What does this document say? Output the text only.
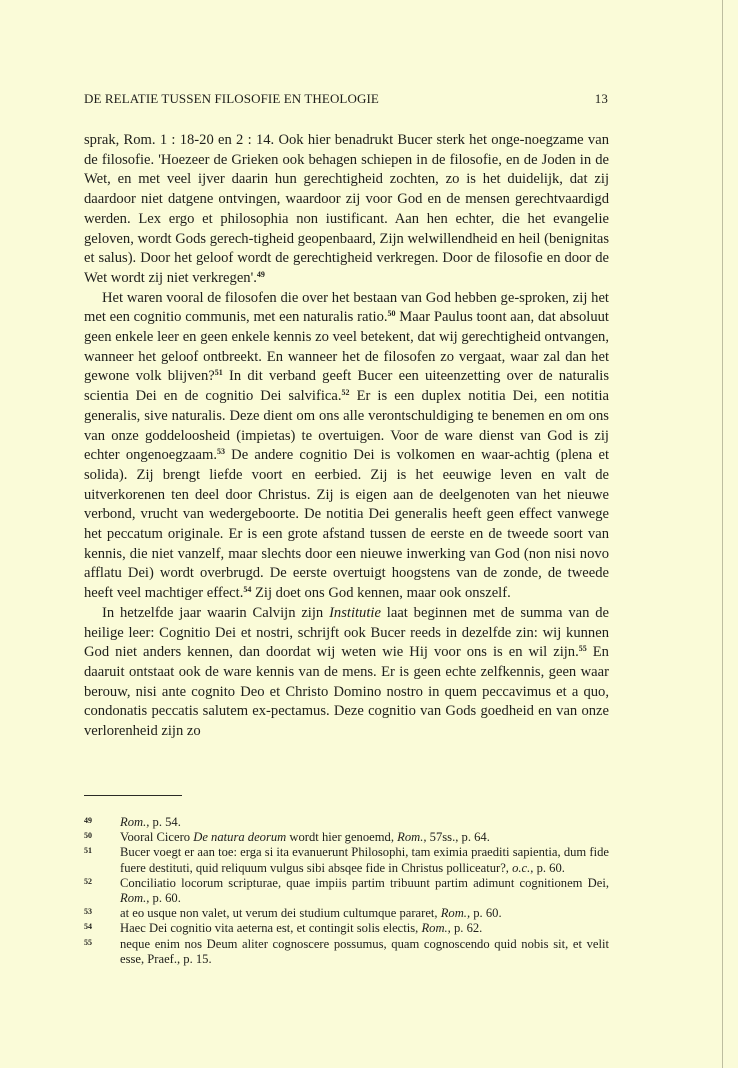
DE RELATIE TUSSEN FILOSOFIE EN THEOLOGIE	13

sprak, Rom. 1 : 18-20 en 2 : 14. Ook hier benadrukt Bucer sterk het onge-noegzame van de filosofie. 'Hoezeer de Grieken ook behagen schiepen in de filosofie, en de Joden in de Wet, en met veel ijver daarin hun gerechtigheid zochten, zo is het duidelijk, dat zij daardoor niet datgene ontvingen, waardoor zij voor God en de mensen gerechtvaardigd werden. Lex ergo et philosophia non iustificant. Aan hen echter, die het evangelie geloven, wordt Gods gerech-tigheid geopenbaard, Zijn welwillendheid en heil (benignitas et salus). Door het geloof wordt de gerechtigheid verkregen. Door de filosofie en door de Wet wordt zij niet verkregen'.$^{49}$

Het waren vooral de filosofen die over het bestaan van God hebben ge-sproken, zij het met een cognitio communis, met een naturalis ratio.$^{50}$ Maar Paulus toont aan, dat absoluut geen enkele leer en geen enkele kennis zo veel betekent, dat wij gerechtigheid ontvangen, wanneer het geloof ontbreekt. En wanneer het de filosofen zo vergaat, waar zal dan het gewone volk blijven?$^{51}$ In dit verband geeft Bucer een uiteenzetting over de naturalis scientia Dei en de cognitio Dei salvifica.$^{52}$ Er is een duplex notitia Dei, een notitia generalis, sive naturalis. Deze dient om ons alle verontschuldiging te benemen en om ons van onze goddeloosheid (impietas) te overtuigen. Voor de ware dienst van God is zij echter ongenoegzaam.$^{53}$ De andere cognitio Dei is volkomen en waar-achtig (plena et solida). Zij brengt liefde voort en eerbied. Zij is het eeuwige leven en valt de uitverkorenen ten deel door Christus. Zij is eigen aan de deelgenoten van het nieuwe verbond, vrucht van wedergeboorte. De notitia Dei generalis heeft geen effect vanwege het peccatum originale. Er is een grote afstand tussen de eerste en de tweede soort van kennis, die niet vanzelf, maar slechts door een nieuwe inwerking van God (non nisi novo afflatu Dei) wordt overbrugd. De eerste overtuigt hoogstens van de zonde, de tweede heeft veel machtiger effect.$^{54}$ Zij doet ons God kennen, maar ook onszelf.

In hetzelfde jaar waarin Calvijn zijn Institutie laat beginnen met de summa van de heilige leer: Cognitio Dei et nostri, schrijft ook Bucer reeds in dezelfde zin: wij kunnen God niet anders kennen, dan doordat wij weten wie Hij voor ons is en wil zijn.$^{55}$ En daaruit ontstaat ook de ware kennis van de mens. Er is geen echte zelfkennis, geen waar berouw, nisi ante cognito Deo et Christo Domino nostro in quem peccavimus et a quo, condonatis peccatis salutem ex-pectamus. Deze cognitio van Gods goedheid en van onze verlorenheid zijn zo

49 Rom., p. 54.
50 Vooral Cicero De natura deorum wordt hier genoemd, Rom., 57ss., p. 64.
51 Bucer voegt er aan toe: erga si ita evanuerunt Philosophi, tam eximia praediti sapientia, dum fide fuere destituti, quid reliquum vulgus sibi absqee fide in Christus polliceatur?, o.c., p. 60.
52 Conciliatio locorum scripturae, quae impiis partim tribuunt partim adimunt cognitionem Dei, Rom., p. 60.
53 at eo usque non valet, ut verum dei studium cultumque pararet, Rom., p. 60.
54 Haec Dei cognitio vita aeterna est, et contingit solis electis, Rom., p. 62.
55 neque enim nos Deum aliter cognoscere possumus, quam cognoscendo quid nobis sit, et velit esse, Praef., p. 15.
